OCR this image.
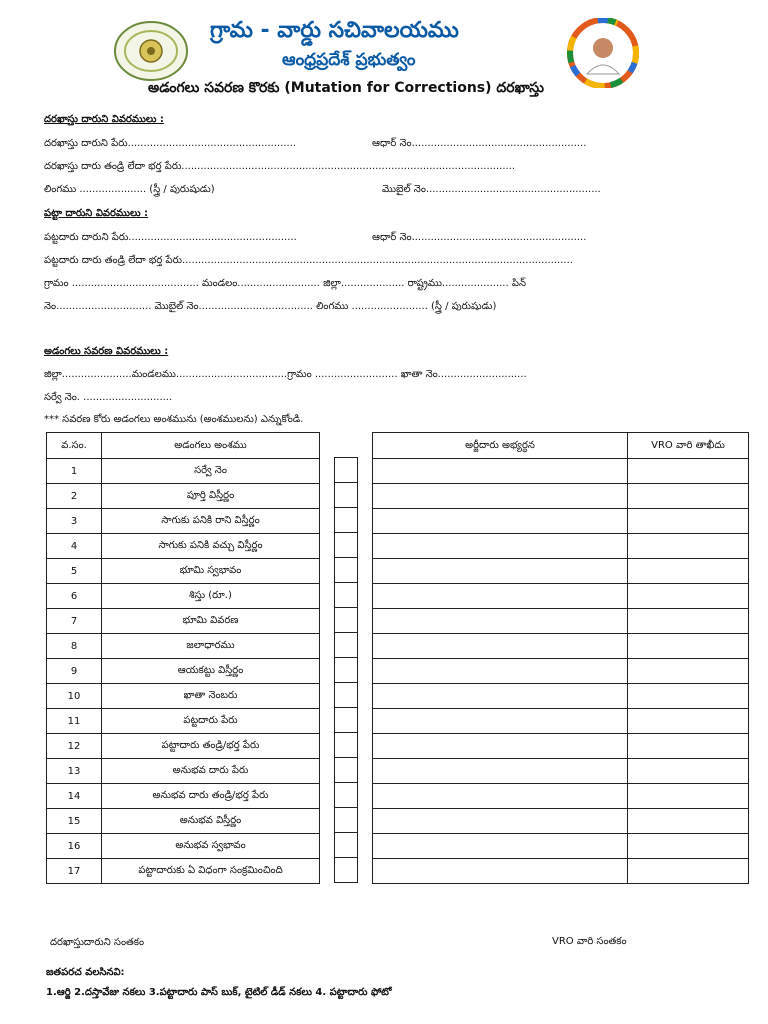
గ్రామ - వార్డు సచివాలయము
ఆంధ్రప్రదేశ్ ప్రభుత్వం
అడంగలు సవరణ కొరకు (Mutation for Corrections) దరఖాస్తు
దరఖాస్తు దారుని వివరములు :
దరఖాస్తు దారుని పేరు.....................................................	ఆధార్ నెం.......................................................
దరఖాస్తు దారు తండ్రి లేదా భర్త పేరు.........................................................................................................
లింగము ..................... (స్త్రీ / పురుషుడు)	మొబైల్ నెం.......................................................
పట్టా దారుని వివరములు :
పట్టదారు దారుని పేరు.....................................................	ఆధార్ నెం.......................................................
పట్టదారు దారు తండ్రి లేదా భర్త పేరు...........................................................................................................................
గ్రామం ........................................ మండలం.......................... జిల్లా.................... రాష్ట్రము..................... పిన్
నెం.............................. మొబైల్ నెం.................................... లింగము ........................ (స్త్రీ / పురుషుడు)
అడంగలు సవరణ వివరములు :
జిల్లా......................మండలము...................................గ్రామం .......................... ఖాతా నెం............................
సర్వే నెం. ............................
*** సవరణ కోరు అడంగలు అంశమును (అంశములను) ఎన్నుకోండి.
వ.సం.	అడంగలు అంశము
1	సర్వే నెం
2	పూర్తి విస్తీర్ణం
3	సాగుకు పనికి రాని విస్తీర్ణం
4	సాగుకు పనికి వచ్చు విస్తీర్ణం
5	భూమి స్వభావం
6	శిస్తు (రూ.)
7	భూమి వివరణ
8	జలాధారము
9	ఆయకట్టు విస్తీర్ణం
10	ఖాతా నెంబరు
11	పట్టదారు పేరు
12	పట్టాదారు తండ్రి/భర్త పేరు
13	అనుభవ దారు పేరు
14	అనుభవ దారు తండ్రి/భర్త పేరు
15	అనుభవ విస్తీర్ణం
16	అనుభవ స్వభావం
17	పట్టాదారుకు ఏ విధంగా సంక్రమించింది

అర్జీదారు అభ్యర్ధన	VRO వారి తాఖీదు

దరఖాస్తుదారుని సంతకం	VRO వారి సంతకం
జతపరచ వలసినవి:
1.ఆర్జి 2.దస్తావేజు నకలు 3.పట్టాదారు పాస్ బుక్, టైటిల్ డీడ్ నకలు 4. పట్టాదారు ఫోటో
